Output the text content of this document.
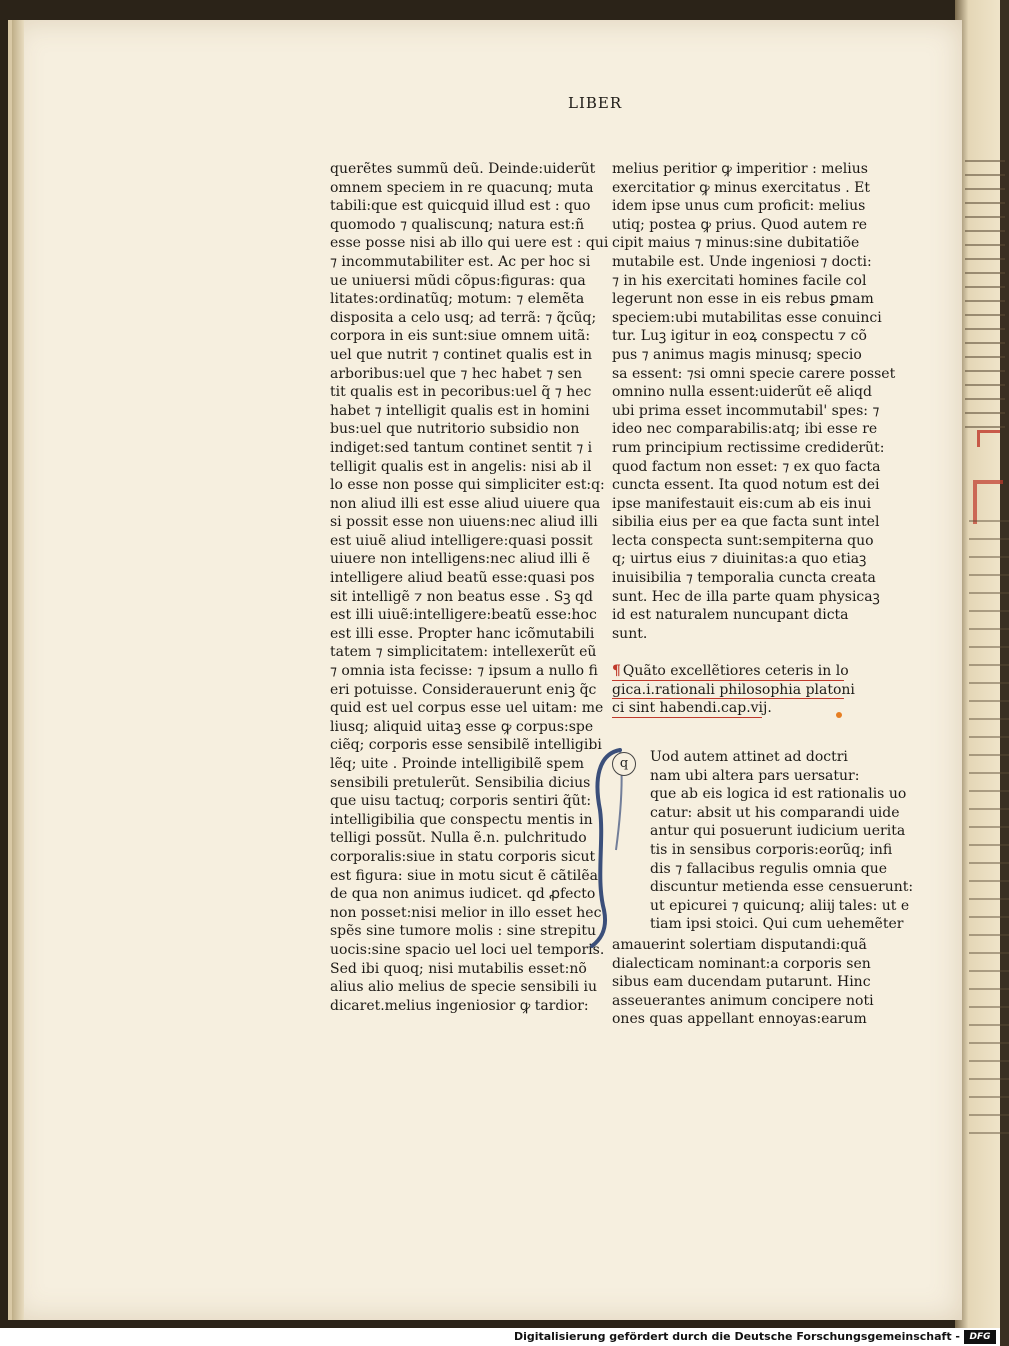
LIBER
querẽtes summũ deũ. Deinde:uiderũt
omnem speciem in re quacunq; muta
tabili:que est quicquid illud est : quo
quomodo ⁊ qualiscunq; natura est:ñ
esse posse nisi ab illo qui uere est : qui
⁊ incommutabiliter est. Ac per hoc si
ue uniuersi mũdi cõpus:figuras: qua
litates:ordinatũq; motum: ⁊ elemẽta
disposita a celo usq; ad terrã: ⁊ q̃cũq;
corpora in eis sunt:siue omnem uitã:
uel que nutrit ⁊ continet qualis est in
arboribus:uel que ⁊ hec habet ⁊ sen
tit qualis est in pecoribus:uel q̃ ⁊ hec
habet ⁊ intelligit qualis est in homini
bus:uel que nutritorio subsidio non
indiget:sed tantum continet sentit ⁊ i
telligit qualis est in angelis: nisi ab il
lo esse non posse qui simpliciter est:q:
non aliud illi est esse aliud uiuere qua
si possit esse non uiuens:nec aliud illi
est uiuẽ aliud intelligere:quasi possit
uiuere non intelligens:nec aliud illi ẽ
intelligere aliud beatũ esse:quasi pos
sit intelligẽ ⁊ non beatus esse . Sꝫ qd
est illi uiuẽ:intelligere:beatũ esse:hoc
est illi esse. Propter hanc icõmutabili
tatem ⁊ simplicitatem: intellexerũt eũ
⁊ omnia ista fecisse: ⁊ ipsum a nullo fi
eri potuisse. Considerauerunt eniꝫ q̃c
quid est uel corpus esse uel uitam: me
liusq; aliquid uitaꝫ esse ꝙ corpus:spe
ciẽq; corporis esse sensibilẽ intelligibi
lẽq; uite . Proinde intelligibilẽ spem
sensibili pretulerũt. Sensibilia dicius
que uisu tactuq; corporis sentiri q̃ũt:
intelligibilia que conspectu mentis in
telligi possũt. Nulla ẽ.n. pulchritudo
corporalis:siue in statu corporis sicut
est figura: siue in motu sicut ẽ cãtilẽa:
de qua non animus iudicet. qd ꝓfecto
non posset:nisi melior in illo esset hec
spẽs sine tumore molis : sine strepitu
uocis:sine spacio uel loci uel temporis.
Sed ibi quoq; nisi mutabilis esset:nõ
alius alio melius de specie sensibili iu
dicaret.melius ingeniosior ꝙ tardior:
melius peritior ꝙ imperitior : melius
exercitatior ꝙ minus exercitatus . Et
idem ipse unus cum proficit: melius
utiq; postea ꝙ prius. Quod autem re
cipit maius ⁊ minus:sine dubitatiõe
mutabile est. Unde ingeniosi ⁊ docti:
⁊ in his exercitati homines facile col
legerunt non esse in eis rebus ꝑmam
speciem:ubi mutabilitas esse conuinci
tur. Luꝫ igitur in eoꝝ conspectu ⁊ cõ
pus ⁊ animus magis minusq; specio
sa essent: ⁊si omni specie carere posset
omnino nulla essent:uiderũt eẽ aliqd
ubi prima esset incommutabil' spes: ⁊
ideo nec comparabilis:atq; ibi esse re
rum principium rectissime crediderũt:
quod factum non esset: ⁊ ex quo facta
cuncta essent. Ita quod notum est dei
ipse manifestauit eis:cum ab eis inui
sibilia eius per ea que facta sunt intel
lecta conspecta sunt:sempiterna quo
q; uirtus eius ⁊ diuinitas:a quo etiaꝫ
inuisibilia ⁊ temporalia cuncta creata
sunt. Hec de illa parte quam physicaꝫ
id est naturalem nuncupant dicta
sunt.
¶ Quãto excellẽtiores ceteris in lo
gica.i.rationali philosophia platoni
ci sint habendi.cap.vij.
q	Uod autem attinet ad doctri
nam ubi altera pars uersatur:
que ab eis logica id est rationalis uo
catur: absit ut his comparandi uide
antur qui posuerunt iudicium ueritа
tis in sensibus corporis:eorũq; infi
dis ⁊ fallacibus regulis omnia que
discuntur metienda esse censuerunt:
ut epicurei ⁊ quicunq; aliĳ tales: ut e
tiam ipsi stoici. Qui cum uehemẽter
amauerint solertiam disputandi:quã
dialecticam nominant:a corporis sen
sibus eam ducendam putarunt. Hinc
asseuerantes animum concipere noti
ones quas appellant ennoyas:earum
Digitalisierung gefördert durch die Deutsche Forschungsgemeinschaft -	DFG
